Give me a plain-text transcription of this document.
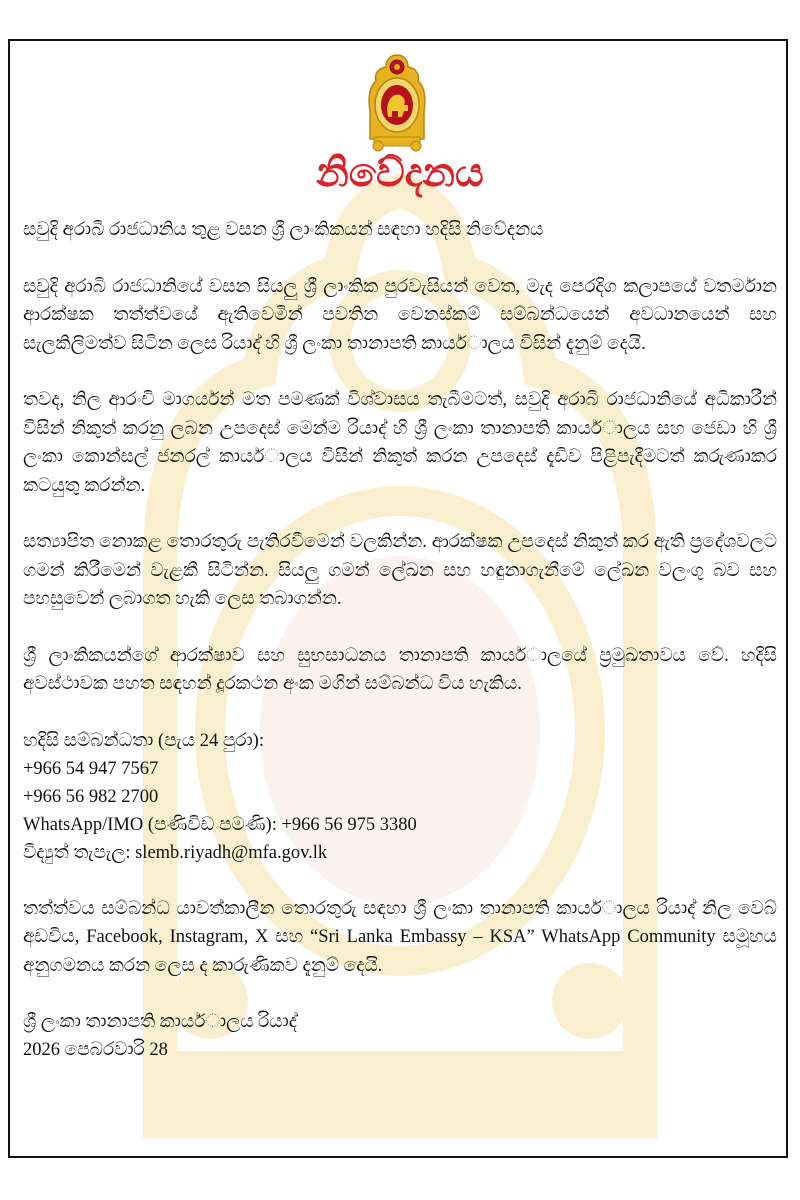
නිවේදනය

සවුදි අරාබි රාජධානිය තුළ වසන ශ්‍රී ලාංකිකයන් සඳහා හදිසි නිවේදනය

සවුදි අරාබි රාජධානියේ වසන සියලු ශ්‍රී ලාංකික පුරවැසියන් වෙත, මැද පෙරදිග කලාපයේ වතර්මාන ආරක්ෂක තත්ත්වයේ ඇතිවෙමින් පවතින වෙනස්කම් සම්බන්ධයෙන් අවධානයෙන් සහ සැලකිලිමත්ව සිටින ලෙස රියාද් හි ශ්‍රී ලංකා තානාපති කායර්ාලය විසින් දැනුම් දෙයි.

තවද, නිල ආරංචි මාගර්යන් මත පමණක් විශ්වාසය තැබීමටත්, සවුදි අරාබි රාජධානියේ අධිකාරීන් විසින් නිකුත් කරනු ලබන උපදෙස් මෙන්ම රියාද් හි ශ්‍රී ලංකා තානාපති කායර්ාලය සහ ජෙඩා හි ශ්‍රී ලංකා කොන්සල් ජනරල් කායර්ාලය විසින් නිකුත් කරන උපදෙස් දැඩිව පිළිපැදීමටත් කරුණාකර කටයුතු කරන්න.

සත්‍යාපිත නොකළ තොරතුරු පැතිරවීමෙන් වලකින්න. ආරක්ෂක උපදෙස් නිකුත් කර ඇති ප්‍රදේශවලට ගමන් කිරීමෙන් වැළකී සිටින්න. සියලු ගමන් ලේඛන සහ හඳුනාගැනීමේ ලේඛන වලංගු බව සහ පහසුවෙන් ලබාගත හැකි ලෙස තබාගන්න.

ශ්‍රී ලාංකිකයන්ගේ ආරක්ෂාව සහ සුභසාධනය තානාපති කායර්ාලයේ ප්‍රමුඛතාවය වේ. හදිසි අවස්ථාවක පහත සඳහන් දූරකථන අංක මගින් සම්බන්ධ විය හැකිය.

හදිසි සම්බන්ධතා (පැය 24 පුරා):
+966 54 947 7567
+966 56 982 2700
WhatsApp/IMO (පණිවිඩ පමණි): +966 56 975 3380
විද්‍යුත් තැපැල: slemb.riyadh@mfa.gov.lk

තත්ත්වය සම්බන්ධ යාවත්කාලීන තොරතුරු සඳහා ශ්‍රී ලංකා තානාපති කායර්ාලය රියාද් නිල වෙබ් අඩවිය, Facebook, Instagram, X සහ “Sri Lanka Embassy – KSA” WhatsApp Community සමූහය අනුගමනය කරන ලෙස ද කාරුණිකව දැනුම් දෙයි.

ශ්‍රී ලංකා තානාපති කායර්ාලය රියාද්
2026 පෙබරවාරි 28
